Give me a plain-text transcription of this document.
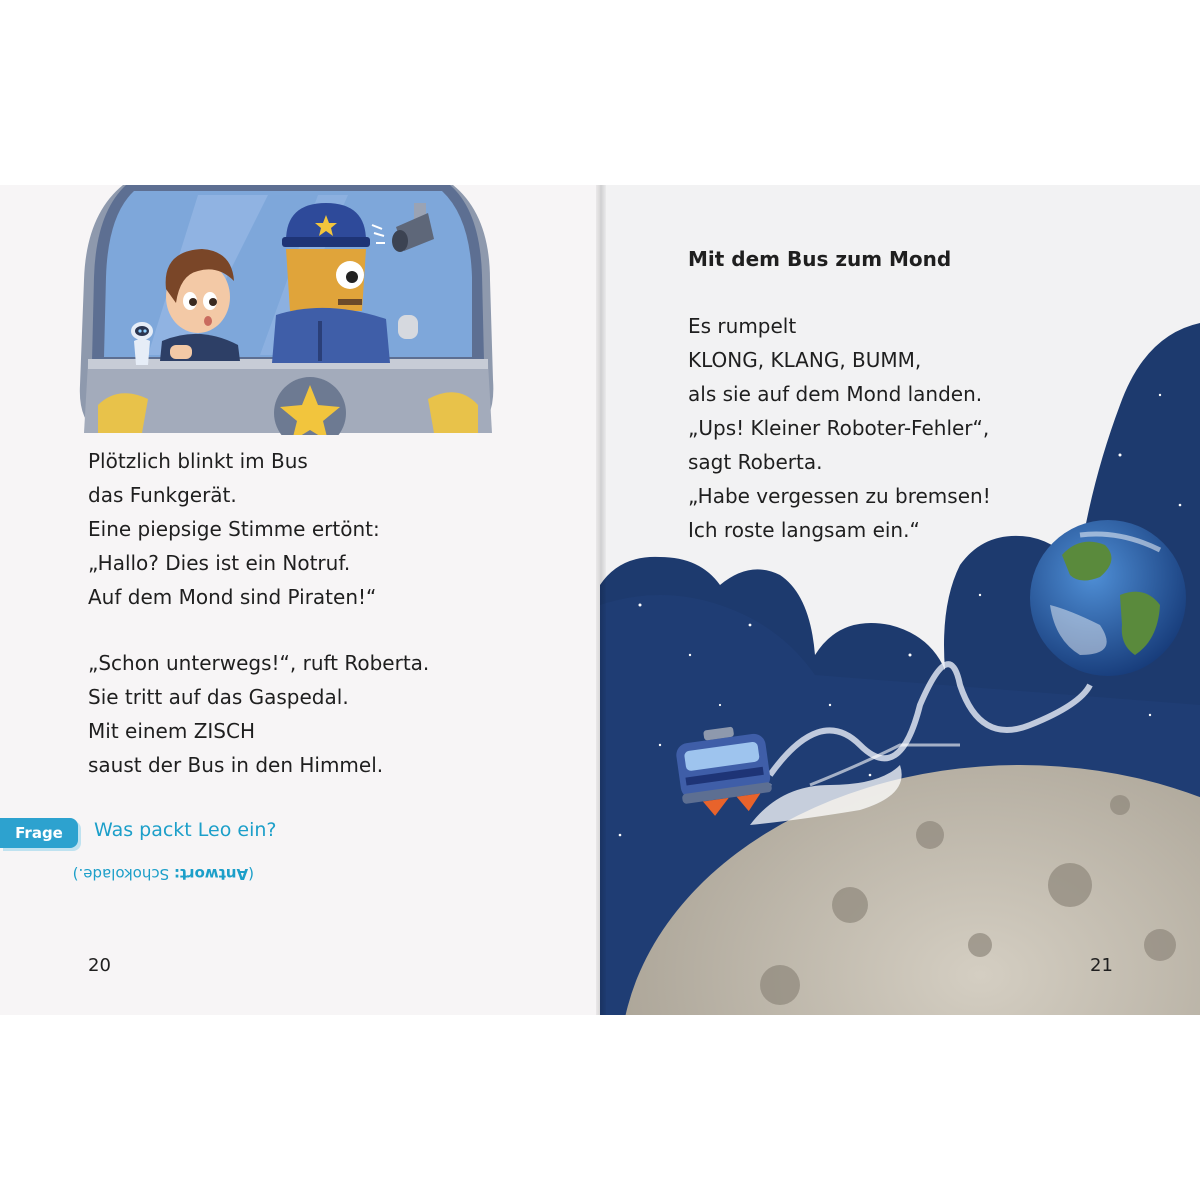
Plötzlich blinkt im Bus
das Funkgerät.
Eine piepsige Stimme ertönt:
„Hallo? Dies ist ein Notruf.
Auf dem Mond sind Piraten!“
„Schon unterwegs!“, ruft Roberta.
Sie tritt auf das Gaspedal.
Mit einem ZISCH
saust der Bus in den Himmel.
Frage	Was packt Leo ein?
(Antwort: Schokolade.)
20
Mit dem Bus zum Mond
Es rumpelt
KLONG, KLANG, BUMM,
als sie auf dem Mond landen.
„Ups! Kleiner Roboter-Fehler“,
sagt Roberta.
„Habe vergessen zu bremsen!
Ich roste langsam ein.“
21
